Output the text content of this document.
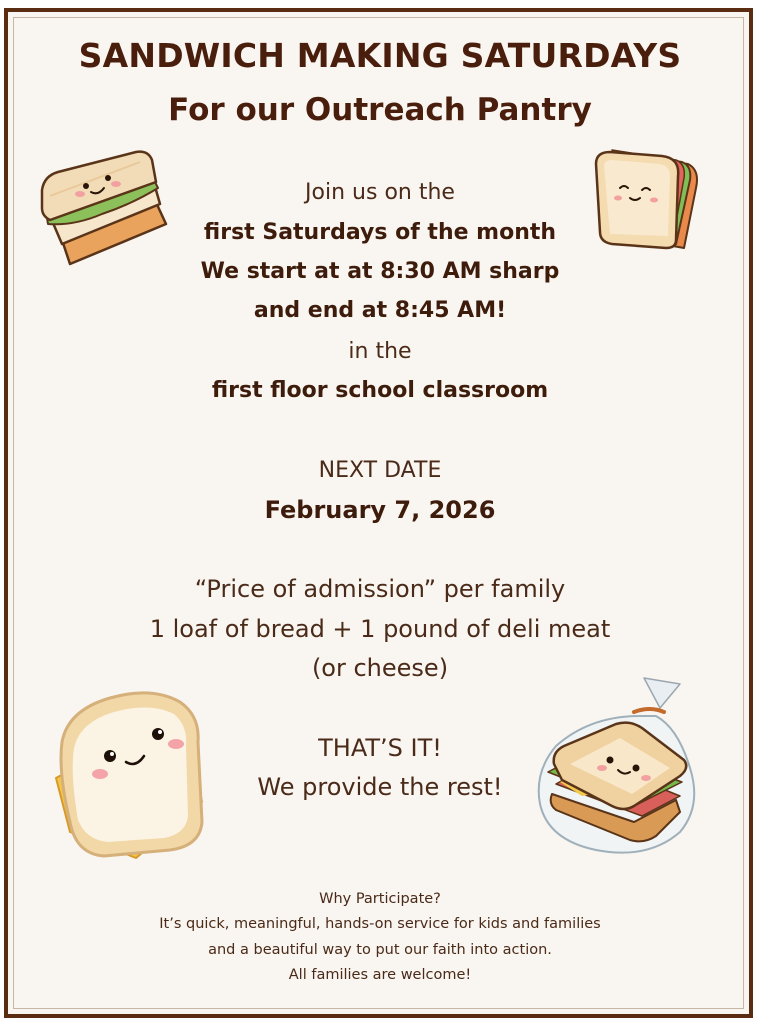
SANDWICH MAKING SATURDAYS
For our Outreach Pantry
Join us on the
first Saturdays of the month
We start at at 8:30 AM sharp
and end at 8:45 AM!
in the
first floor school classroom
NEXT DATE
February 7, 2026
“Price of admission” per family
1 loaf of bread + 1 pound of deli meat
(or cheese)
THAT’S IT!
We provide the rest!
Why Participate?
It’s quick, meaningful, hands-on service for kids and families
and a beautiful way to put our faith into action.
All families are welcome!
